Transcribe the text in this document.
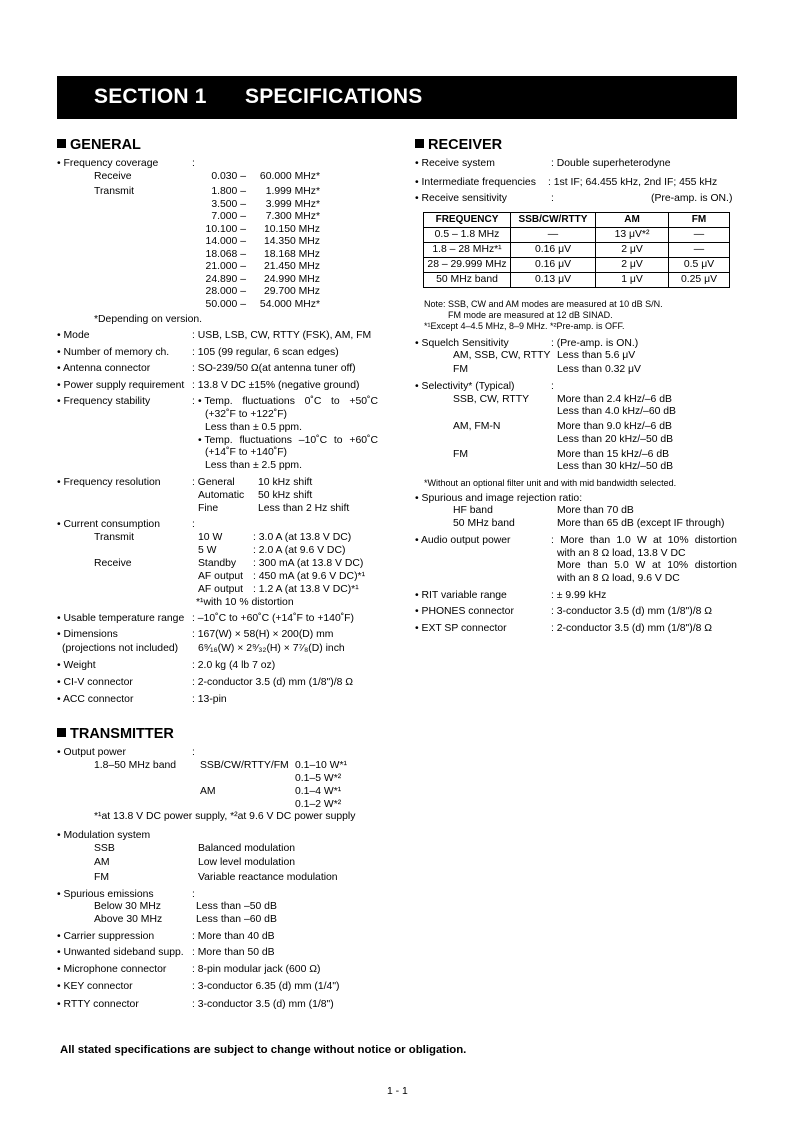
SECTION 1 SPECIFICATIONS
GENERAL
• Frequency coverage	:
Receive	0.030 –	60.000 MHz*
Transmit	1.800 –	1.999 MHz*
3.500 –	3.999 MHz*
7.000 –	7.300 MHz*
10.100 –	10.150 MHz
14.000 –	14.350 MHz
18.068 –	18.168 MHz
21.000 –	21.450 MHz
24.890 –	24.990 MHz
28.000 –	29.700 MHz
50.000 –	54.000 MHz*
*Depending on version.
• Mode	: USB, LSB, CW, RTTY (FSK), AM, FM
• Number of memory ch. : 105 (99 regular, 6 scan edges)
• Antenna connector	: SO-239/50 Ω(at antenna tuner off)
• Power supply requirement : 13.8 V DC ±15% (negative ground)
• Frequency stability	: • Temp. fluctuations 0˚C to +50˚C
(+32˚F to +122˚F)
Less than ± 0.5 ppm.
• Temp. fluctuations –10˚C to +60˚C
(+14˚F to +140˚F)
Less than ± 2.5 ppm.
• Frequency resolution	: General 10 kHz shift
Automatic 50 kHz shift
Fine	Less than 2 Hz shift
• Current consumption	:
Transmit	10 W	: 3.0 A (at 13.8 V DC)
5 W	: 2.0 A (at 9.6 V DC)
Receive	Standby : 300 mA (at 13.8 V DC)
AF output : 450 mA (at 9.6 V DC)*¹
AF output : 1.2 A (at 13.8 V DC)*¹
*¹with 10 % distortion
• Usable temperature range : –10˚C to +60˚C (+14˚F to +140˚F)
• Dimensions	: 167(W) × 58(H) × 200(D) mm
(projections not included) 6⁹⁄₁₆(W) × 2⁹⁄₃₂(H) × 7⁷⁄₈(D) inch
• Weight	: 2.0 kg (4 lb 7 oz)
• CI-V connector	: 2-conductor 3.5 (d) mm (1/8")/8 Ω
• ACC connector	: 13-pin
TRANSMITTER
• Output power	:
1.8–50 MHz band SSB/CW/RTTY/FM 0.1–10 W*¹
0.1–5 W*²
AM	0.1–4 W*¹
0.1–2 W*²
*¹at 13.8 V DC power supply, *²at 9.6 V DC power supply
• Modulation system
SSB	Balanced modulation
AM	Low level modulation
FM	Variable reactance modulation
• Spurious emissions	:
Below 30 MHz	Less than –50 dB
Above 30 MHz	Less than –60 dB
• Carrier suppression	: More than 40 dB
• Unwanted sideband supp. : More than 50 dB
• Microphone connector : 8-pin modular jack (600 Ω)
• KEY connector	: 3-conductor 6.35 (d) mm (1/4")
• RTTY connector	: 3-conductor 3.5 (d) mm (1/8")
RECEIVER
• Receive system	: Double superheterodyne
• Intermediate frequencies : 1st IF; 64.455 kHz, 2nd IF; 455 kHz
• Receive sensitivity	:	(Pre-amp. is ON.)
FREQUENCY	SSB/CW/RTTY	AM	FM
0.5 – 1.8 MHz	—	13 μV*²	—
1.8 – 28 MHz*¹	0.16 μV	2 μV	—
28 – 29.999 MHz	0.16 μV	2 μV	0.5 μV
50 MHz band	0.13 μV	1 μV	0.25 μV
Note: SSB, CW and AM modes are measured at 10 dB S/N.
FM mode are measured at 12 dB SINAD.
*¹Except 4–4.5 MHz, 8–9 MHz. *²Pre-amp. is OFF.
• Squelch Sensitivity	: (Pre-amp. is ON.)
AM, SSB, CW, RTTY Less than 5.6 μV
FM	Less than 0.32 μV
• Selectivity* (Typical)	:
SSB, CW, RTTY	More than 2.4 kHz/–6 dB
Less than 4.0 kHz/–60 dB
AM, FM-N	More than 9.0 kHz/–6 dB
Less than 20 kHz/–50 dB
FM	More than 15 kHz/–6 dB
Less than 30 kHz/–50 dB
*Without an optional filter unit and with mid bandwidth selected.
• Spurious and image rejection ratio:
HF band	More than 70 dB
50 MHz band	More than 65 dB (except IF through)
• Audio output power	: More than 1.0 W at 10% distortion
with an 8 Ω load, 13.8 V DC
More than 5.0 W at 10% distortion
with an 8 Ω load, 9.6 V DC
• RIT variable range	: ± 9.99 kHz
• PHONES connector	: 3-conductor 3.5 (d) mm (1/8")/8 Ω
• EXT SP connector	: 2-conductor 3.5 (d) mm (1/8")/8 Ω
All stated specifications are subject to change without notice or obligation.
1 - 1
